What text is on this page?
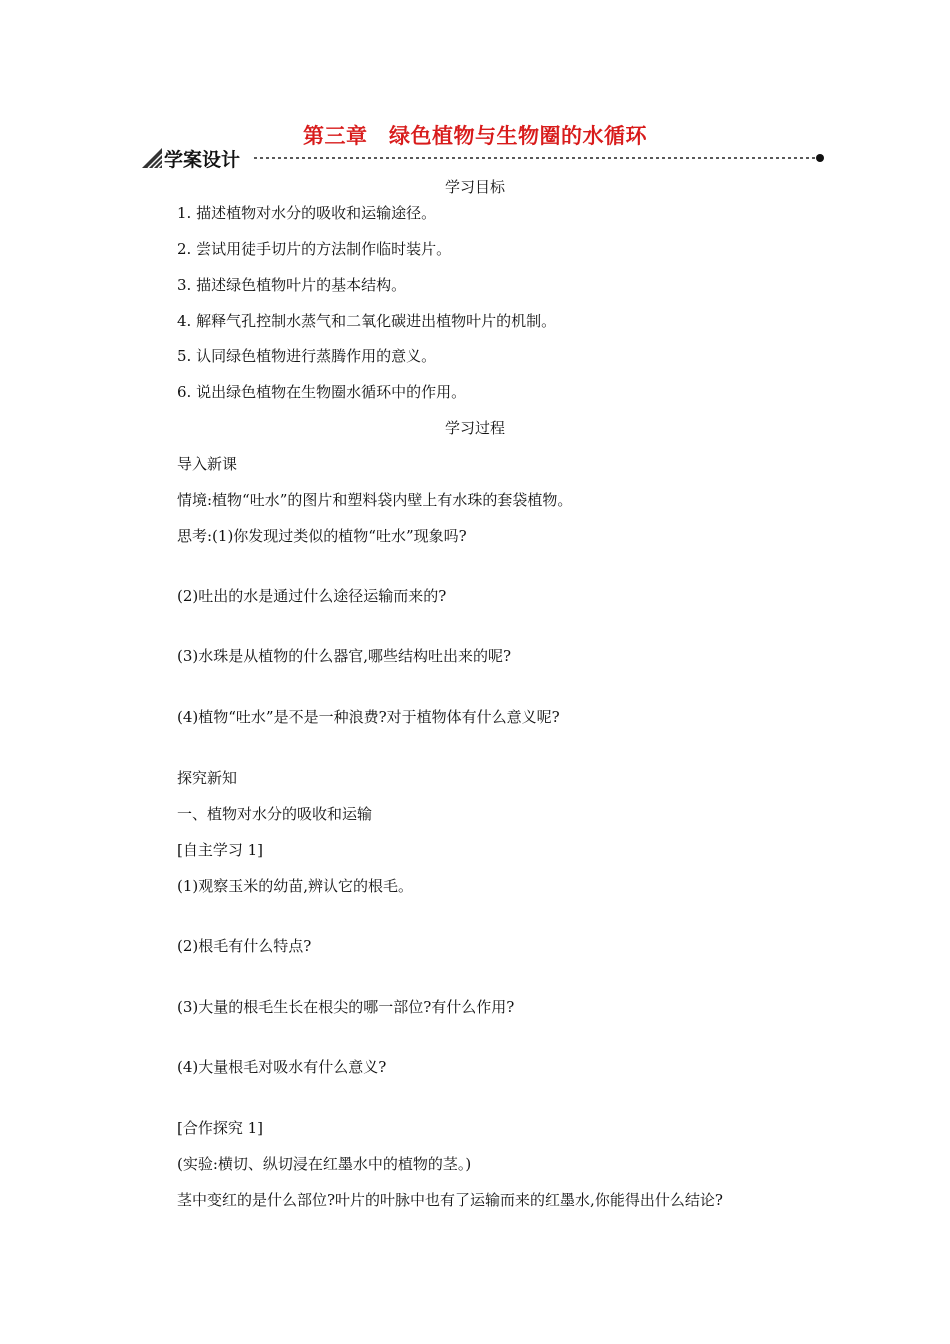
第三章　绿色植物与生物圈的水循环
学案设计
学习目标
1. 描述植物对水分的吸收和运输途径。
2. 尝试用徒手切片的方法制作临时装片。
3. 描述绿色植物叶片的基本结构。
4. 解释气孔控制水蒸气和二氧化碳进出植物叶片的机制。
5. 认同绿色植物进行蒸腾作用的意义。
6. 说出绿色植物在生物圈水循环中的作用。
学习过程
导入新课
情境:植物“吐水”的图片和塑料袋内壁上有水珠的套袋植物。
思考:(1)你发现过类似的植物“吐水”现象吗?
(2)吐出的水是通过什么途径运输而来的?
(3)水珠是从植物的什么器官,哪些结构吐出来的呢?
(4)植物“吐水”是不是一种浪费?对于植物体有什么意义呢?
探究新知
一、植物对水分的吸收和运输
[自主学习 1]
(1)观察玉米的幼苗,辨认它的根毛。
(2)根毛有什么特点?
(3)大量的根毛生长在根尖的哪一部位?有什么作用?
(4)大量根毛对吸水有什么意义?
[合作探究 1]
(实验:横切、纵切浸在红墨水中的植物的茎。)
茎中变红的是什么部位?叶片的叶脉中也有了运输而来的红墨水,你能得出什么结论?
